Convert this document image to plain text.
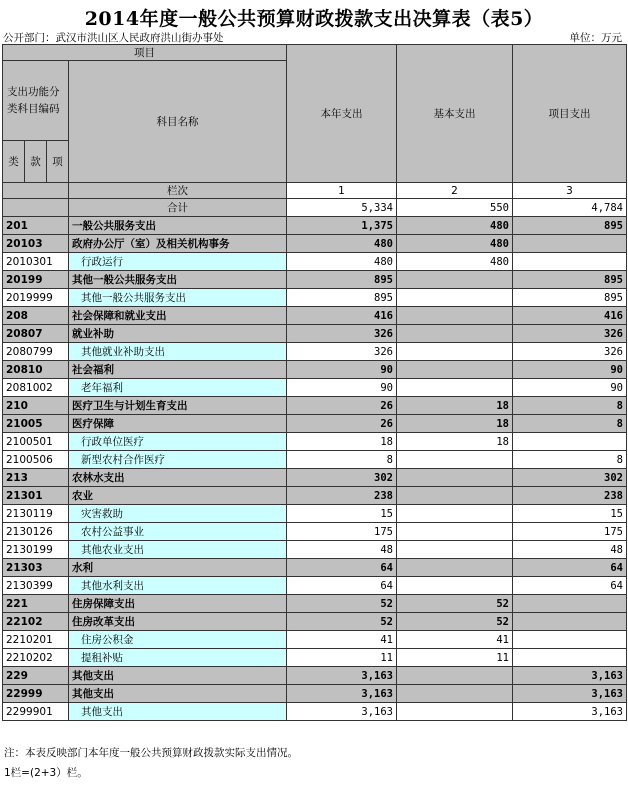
2014年度一般公共预算财政拨款支出决算表（表5）
公开部门：武汉市洪山区人民政府洪山街办事处	单位：万元
项目				本年支出	基本支出	项目支出
支出功能分类科目编码			科目名称			
类	款	项				
			栏次	1	2	3
			合计	5,334	550	4,784
201			一般公共服务支出	1,375	480	895
20103			政府办公厅（室）及相关机构事务	480	480	
2010301			行政运行	480	480	
20199			其他一般公共服务支出	895		895
2019999			其他一般公共服务支出	895		895
208			社会保障和就业支出	416		416
20807			就业补助	326		326
2080799			其他就业补助支出	326		326
20810			社会福利	90		90
2081002			老年福利	90		90
210			医疗卫生与计划生育支出	26	18	8
21005			医疗保障	26	18	8
2100501			行政单位医疗	18	18	
2100506			新型农村合作医疗	8		8
213			农林水支出	302		302
21301			农业	238		238
2130119			灾害救助	15		15
2130126			农村公益事业	175		175
2130199			其他农业支出	48		48
21303			水利	64		64
2130399			其他水利支出	64		64
221			住房保障支出	52	52	
22102			住房改革支出	52	52	
2210201			住房公积金	41	41	
2210202			提租补贴	11	11	
229			其他支出	3,163		3,163
22999			其他支出	3,163		3,163
2299901			其他支出	3,163		3,163
注：本表反映部门本年度一般公共预算财政拨款实际支出情况。
1栏=(2+3）栏。
